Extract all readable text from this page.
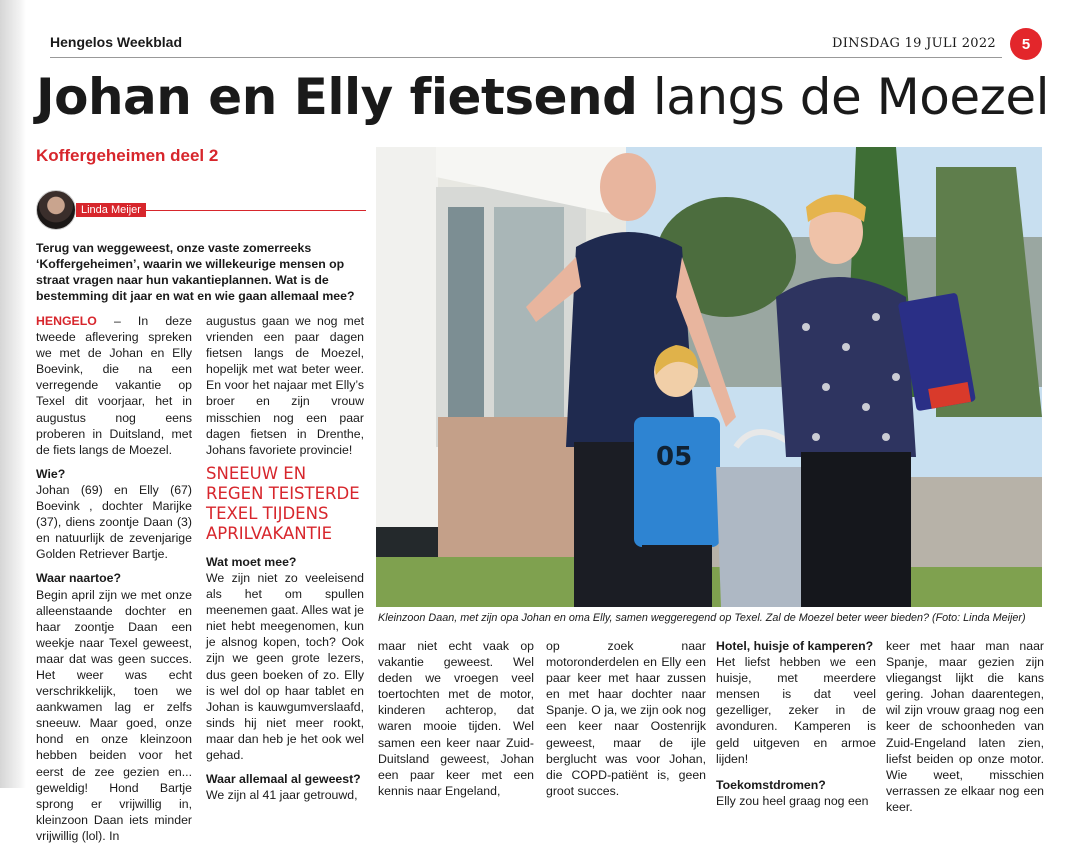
Hengelos Weekblad	DINSDAG 19 JULI 2022	5
Johan en Elly fietsend langs de Moezel
Koffergeheimen deel 2
Linda Meijer
Terug van weggeweest, onze vaste zomerreeks ‘Koffergeheimen’, waarin we willekeurige mensen op straat vragen naar hun vakantieplannen. Wat is de bestemming dit jaar en wat en wie gaan allemaal mee?

HENGELO – In deze tweede aflevering spreken we met de Johan en Elly Boevink, die na een verregende vakantie op Texel dit voorjaar, het in augustus nog eens proberen in Duitsland, met de fiets langs de Moezel.

Wie?

Johan (69) en Elly (67) Boevink , dochter Marijke (37), diens zoontje Daan (3) en natuurlijk de zevenjarige Golden Retriever Bartje.

Waar naartoe?

Begin april zijn we met onze alleenstaande dochter en haar zoontje Daan een weekje naar Texel geweest, maar dat was geen succes. Het weer was echt verschrikkelijk, toen we aankwamen lag er zelfs sneeuw. Maar goed, onze hond en onze kleinzoon hebben beiden voor het eerst de zee gezien en... geweldig! Hond Bartje sprong er vrijwillig in, kleinzoon Daan iets minder vrijwillig (lol). In

augustus gaan we nog met vrienden een paar dagen fietsen langs de Moezel, hopelijk met wat beter weer. En voor het najaar met Elly’s broer en zijn vrouw misschien nog een paar dagen fietsen in Drenthe, Johans favoriete provincie!

SNEEUW EN REGEN TEISTERDE TEXEL TIJDENS APRILVAKANTIE

Wat moet mee?

We zijn niet zo veeleisend als het om spullen meenemen gaat. Alles wat je niet hebt meegenomen, kun je alsnog kopen, toch? Ook zijn we geen grote lezers, dus geen boeken of zo. Elly is wel dol op haar tablet en Johan is kauwgumverslaafd, sinds hij niet meer rookt, maar dan heb je het ook wel gehad.

Waar allemaal al geweest?

We zijn al 41 jaar getrouwd,

05
Kleinzoon Daan, met zijn opa Johan en oma Elly, samen weggeregend op Texel. Zal de Moezel beter weer bieden? (Foto: Linda Meijer)

maar niet echt vaak op vakantie geweest. Wel deden we vroegen veel toertochten met de motor, kinderen achterop, dat waren mooie tijden. Wel samen een keer naar Zuid-Duitsland geweest, Johan een paar keer met een kennis naar Engeland,

op zoek naar motoronderdelen en Elly een paar keer met haar zussen en met haar dochter naar Spanje. O ja, we zijn ook nog een keer naar Oostenrijk geweest, maar de ijle berglucht was voor Johan, die COPD-patiënt is, geen groot succes.

Hotel, huisje of kamperen?

Het liefst hebben we een huisje, met meerdere mensen is dat veel gezelliger, zeker in de avonduren. Kamperen is geld uitgeven en armoe lijden!

Toekomstdromen?

Elly zou heel graag nog een

keer met haar man naar Spanje, maar gezien zijn vliegangst lijkt die kans gering. Johan daarentegen, wil zijn vrouw graag nog een keer de schoonheden van Zuid-Engeland laten zien, liefst beiden op onze motor. Wie weet, misschien verrassen ze elkaar nog een keer.
